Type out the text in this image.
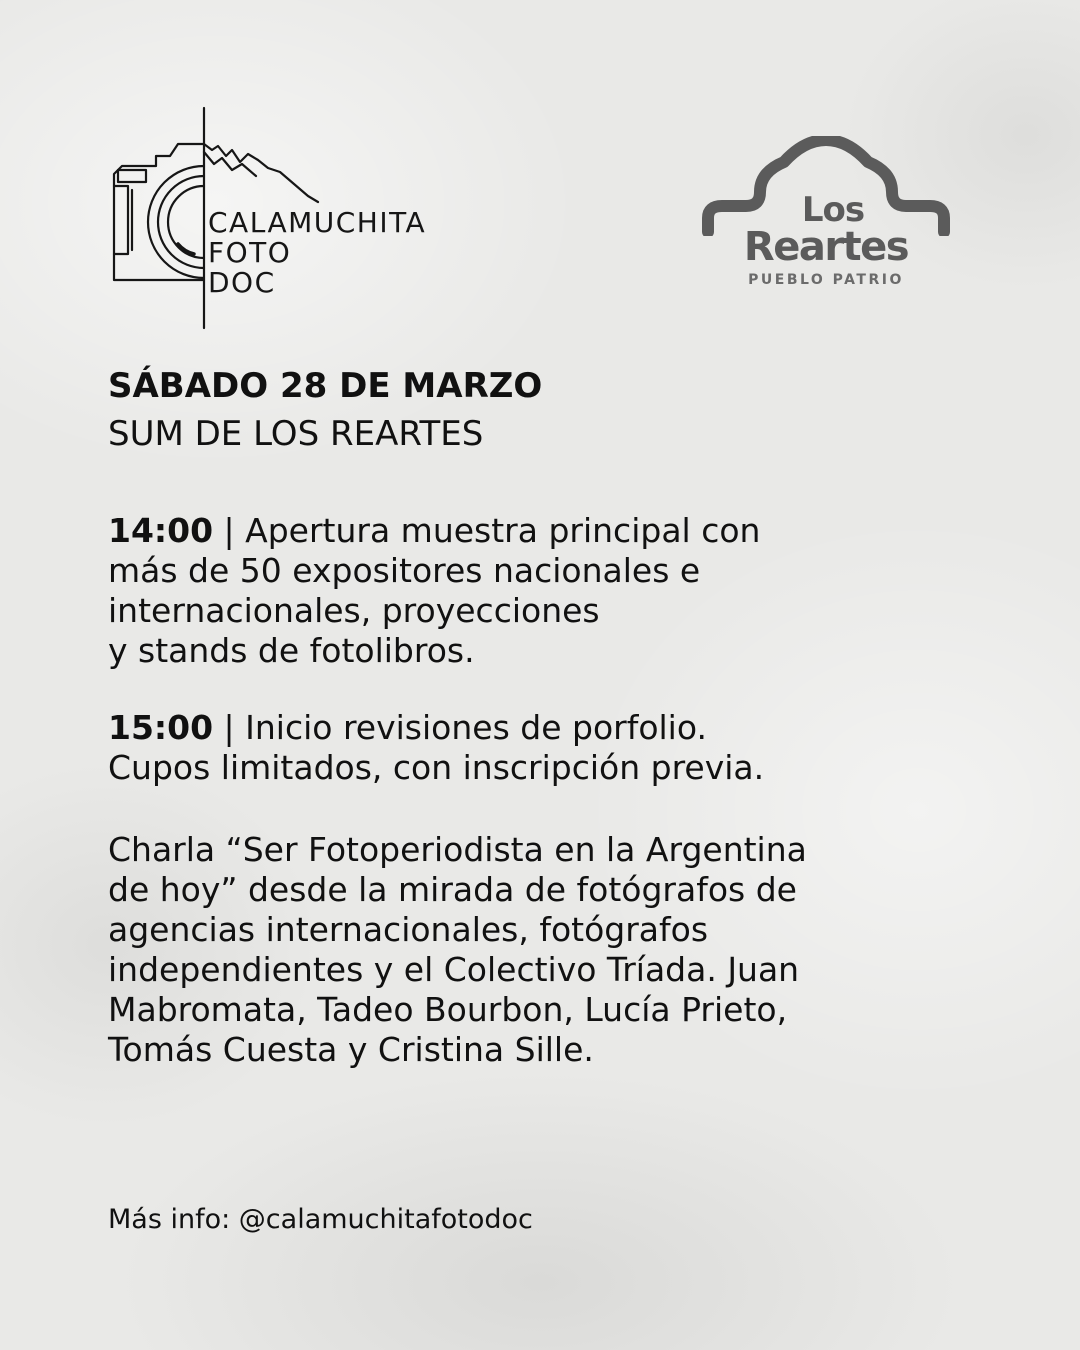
CALAMUCHITA
FOTO
DOC
Los
Reartes
PUEBLO PATRIO
SÁBADO 28 DE MARZO
SUM DE LOS REARTES
14:00 | Apertura muestra principal con
más de 50 expositores nacionales e
internacionales, proyecciones
y stands de fotolibros.
15:00 | Inicio revisiones de porfolio.
Cupos limitados, con inscripción previa.
Charla “Ser Fotoperiodista en la Argentina
de hoy” desde la mirada de fotógrafos de
agencias internacionales, fotógrafos
independientes y el Colectivo Tríada. Juan
Mabromata, Tadeo Bourbon, Lucía Prieto,
Tomás Cuesta y Cristina Sille.
Más info: @calamuchitafotodoc
